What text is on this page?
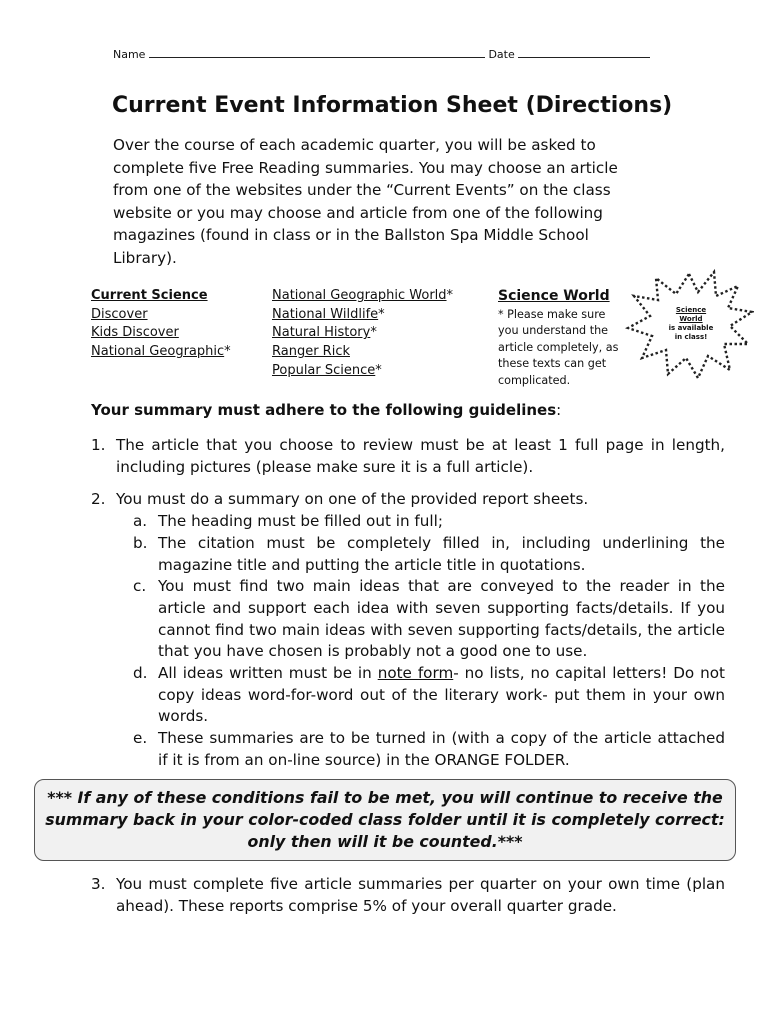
Name	Date
Current Event Information Sheet (Directions)

Over the course of each academic quarter, you will be asked to complete five Free Reading summaries. You may choose an article from one of the websites under the “Current Events” on the class website or you may choose and article from one of the following magazines (found in class or in the Ballston Spa Middle School Library).

Current Science
Discover
Kids Discover
National Geographic*
National Geographic World*
National Wildlife*
Natural History*
Ranger Rick
Popular Science*
Science World
* Please make sure you understand the article completely, as these texts can get complicated.
Science
World
is available
in class!
Your summary must adhere to the following guidelines:
1. The article that you choose to review must be at least 1 full page in length, including pictures (please make sure it is a full article).
2. You must do a summary on one of the provided report sheets.
a. The heading must be filled out in full;
b. The citation must be completely filled in, including underlining the magazine title and putting the article title in quotations.
c. You must find two main ideas that are conveyed to the reader in the article and support each idea with seven supporting facts/details. If you cannot find two main ideas with seven supporting facts/details, the article that you have chosen is probably not a good one to use.
d. All ideas written must be in note form- no lists, no capital letters! Do not copy ideas word-for-word out of the literary work- put them in your own words.
e. These summaries are to be turned in (with a copy of the article attached if it is from an on-line source) in the ORANGE FOLDER.
*** If any of these conditions fail to be met, you will continue to receive the summary back in your color-coded class folder until it is completely correct: only then will it be counted.***
3. You must complete five article summaries per quarter on your own time (plan ahead). These reports comprise 5% of your overall quarter grade.
